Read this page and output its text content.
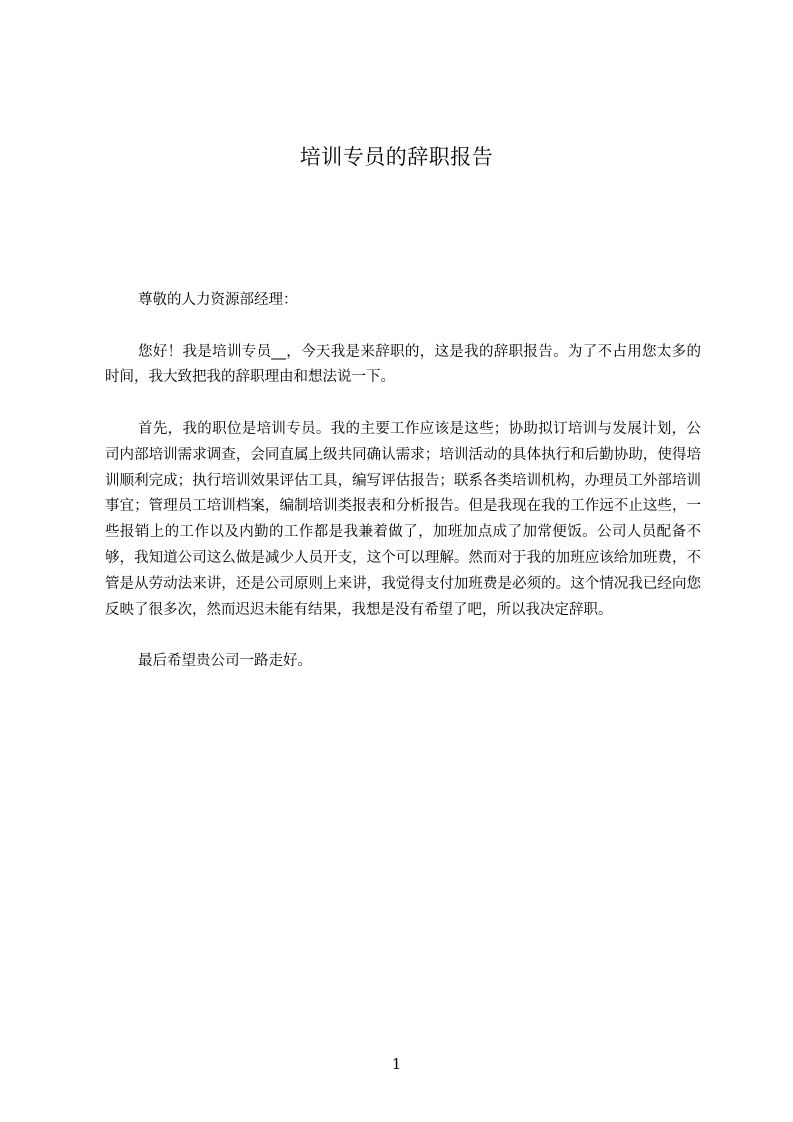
培训专员的辞职报告

尊敬的人力资源部经理：

您好！我是培训专员__，今天我是来辞职的，这是我的辞职报告。为了不占用您太多的时间，我大致把我的辞职理由和想法说一下。

首先，我的职位是培训专员。我的主要工作应该是这些；协助拟订培训与发展计划，公司内部培训需求调查，会同直属上级共同确认需求；培训活动的具体执行和后勤协助，使得培训顺利完成；执行培训效果评估工具，编写评估报告；联系各类培训机构，办理员工外部培训事宜；管理员工培训档案，编制培训类报表和分析报告。但是我现在我的工作远不止这些，一些报销上的工作以及内勤的工作都是我兼着做了，加班加点成了加常便饭。公司人员配备不够，我知道公司这么做是减少人员开支，这个可以理解。然而对于我的加班应该给加班费，不管是从劳动法来讲，还是公司原则上来讲，我觉得支付加班费是必须的。这个情况我已经向您反映了很多次，然而迟迟未能有结果，我想是没有希望了吧，所以我决定辞职。

最后希望贵公司一路走好。

1
